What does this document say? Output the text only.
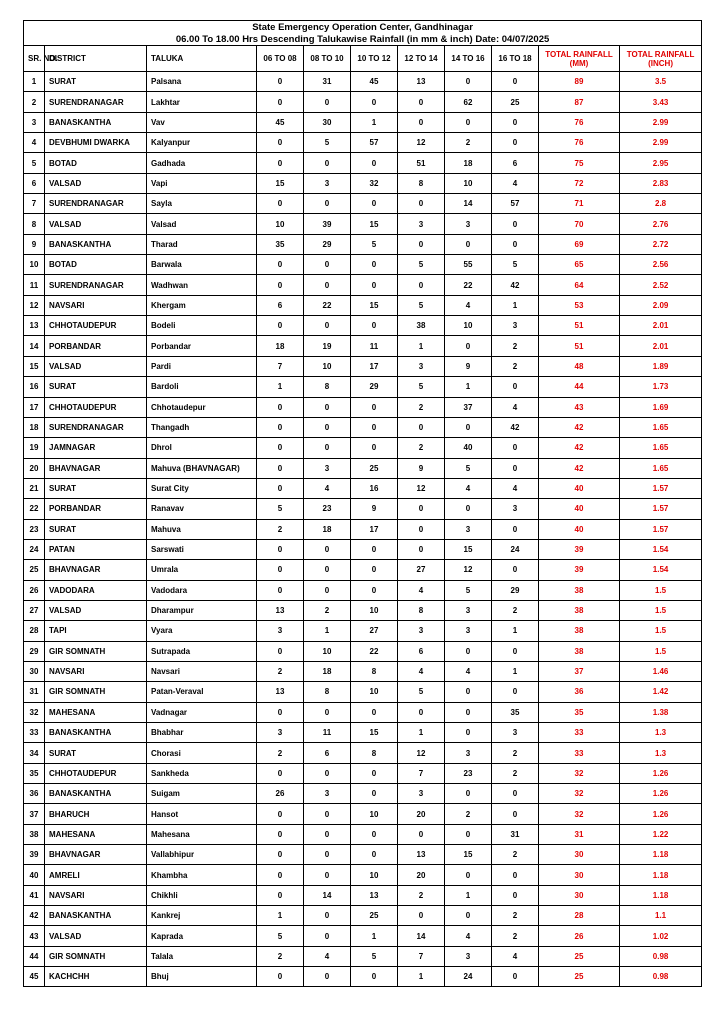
State Emergency Operation Center, Gandhinagar										
06.00 To 18.00 Hrs Descending Talukawise Rainfall (in mm & inch) Date: 04/07/2025										
SR. NO.	DISTRICT	TALUKA	06 TO 08	08 TO 10	10 TO 12	12 TO 14	14 TO 16	16 TO 18	TOTAL RAINFALL (MM)	TOTAL RAINFALL (INCH)
1	SURAT	Palsana	0	31	45	13	0	0	89	3.5
2	SURENDRANAGAR	Lakhtar	0	0	0	0	62	25	87	3.43
3	BANASKANTHA	Vav	45	30	1	0	0	0	76	2.99
4	DEVBHUMI DWARKA	Kalyanpur	0	5	57	12	2	0	76	2.99
5	BOTAD	Gadhada	0	0	0	51	18	6	75	2.95
6	VALSAD	Vapi	15	3	32	8	10	4	72	2.83
7	SURENDRANAGAR	Sayla	0	0	0	0	14	57	71	2.8
8	VALSAD	Valsad	10	39	15	3	3	0	70	2.76
9	BANASKANTHA	Tharad	35	29	5	0	0	0	69	2.72
10	BOTAD	Barwala	0	0	0	5	55	5	65	2.56
11	SURENDRANAGAR	Wadhwan	0	0	0	0	22	42	64	2.52
12	NAVSARI	Khergam	6	22	15	5	4	1	53	2.09
13	CHHOTAUDEPUR	Bodeli	0	0	0	38	10	3	51	2.01
14	PORBANDAR	Porbandar	18	19	11	1	0	2	51	2.01
15	VALSAD	Pardi	7	10	17	3	9	2	48	1.89
16	SURAT	Bardoli	1	8	29	5	1	0	44	1.73
17	CHHOTAUDEPUR	Chhotaudepur	0	0	0	2	37	4	43	1.69
18	SURENDRANAGAR	Thangadh	0	0	0	0	0	42	42	1.65
19	JAMNAGAR	Dhrol	0	0	0	2	40	0	42	1.65
20	BHAVNAGAR	Mahuva (BHAVNAGAR)	0	3	25	9	5	0	42	1.65
21	SURAT	Surat City	0	4	16	12	4	4	40	1.57
22	PORBANDAR	Ranavav	5	23	9	0	0	3	40	1.57
23	SURAT	Mahuva	2	18	17	0	3	0	40	1.57
24	PATAN	Sarswati	0	0	0	0	15	24	39	1.54
25	BHAVNAGAR	Umrala	0	0	0	27	12	0	39	1.54
26	VADODARA	Vadodara	0	0	0	4	5	29	38	1.5
27	VALSAD	Dharampur	13	2	10	8	3	2	38	1.5
28	TAPI	Vyara	3	1	27	3	3	1	38	1.5
29	GIR SOMNATH	Sutrapada	0	10	22	6	0	0	38	1.5
30	NAVSARI	Navsari	2	18	8	4	4	1	37	1.46
31	GIR SOMNATH	Patan-Veraval	13	8	10	5	0	0	36	1.42
32	MAHESANA	Vadnagar	0	0	0	0	0	35	35	1.38
33	BANASKANTHA	Bhabhar	3	11	15	1	0	3	33	1.3
34	SURAT	Chorasi	2	6	8	12	3	2	33	1.3
35	CHHOTAUDEPUR	Sankheda	0	0	0	7	23	2	32	1.26
36	BANASKANTHA	Suigam	26	3	0	3	0	0	32	1.26
37	BHARUCH	Hansot	0	0	10	20	2	0	32	1.26
38	MAHESANA	Mahesana	0	0	0	0	0	31	31	1.22
39	BHAVNAGAR	Vallabhipur	0	0	0	13	15	2	30	1.18
40	AMRELI	Khambha	0	0	10	20	0	0	30	1.18
41	NAVSARI	Chikhli	0	14	13	2	1	0	30	1.18
42	BANASKANTHA	Kankrej	1	0	25	0	0	2	28	1.1
43	VALSAD	Kaprada	5	0	1	14	4	2	26	1.02
44	GIR SOMNATH	Talala	2	4	5	7	3	4	25	0.98
45	KACHCHH	Bhuj	0	0	0	1	24	0	25	0.98
